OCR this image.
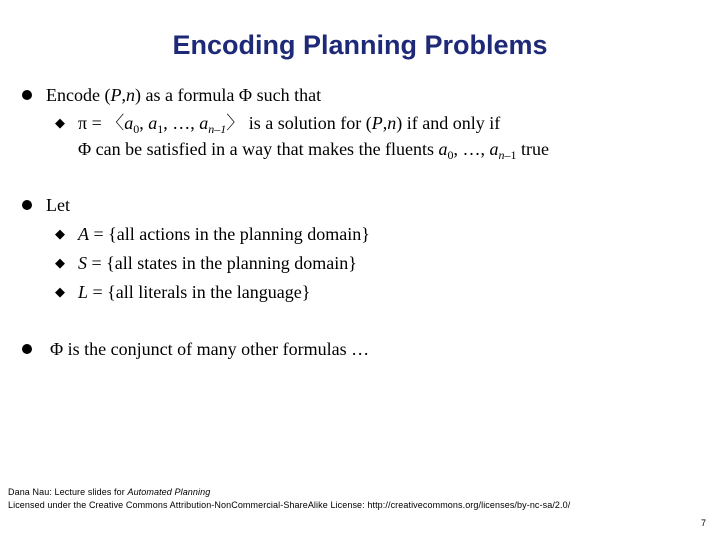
Encoding Planning Problems
Encode (P,n) as a formula Φ such that
◆ π = 〈$a_0$, $a_1$, …, $a_{n-1}$〉 is a solution for (P,n) if and only if
Φ can be satisfied in a way that makes the fluents $a_0$, …, $a_{n-1}$ true
Let
◆ A = {all actions in the planning domain}
◆ S = {all states in the planning domain}
◆ L = {all literals in the language}
Φ is the conjunct of many other formulas …
Dana Nau: Lecture slides for Automated Planning
Licensed under the Creative Commons Attribution-NonCommercial-ShareAlike License: http://creativecommons.org/licenses/by-nc-sa/2.0/
7
